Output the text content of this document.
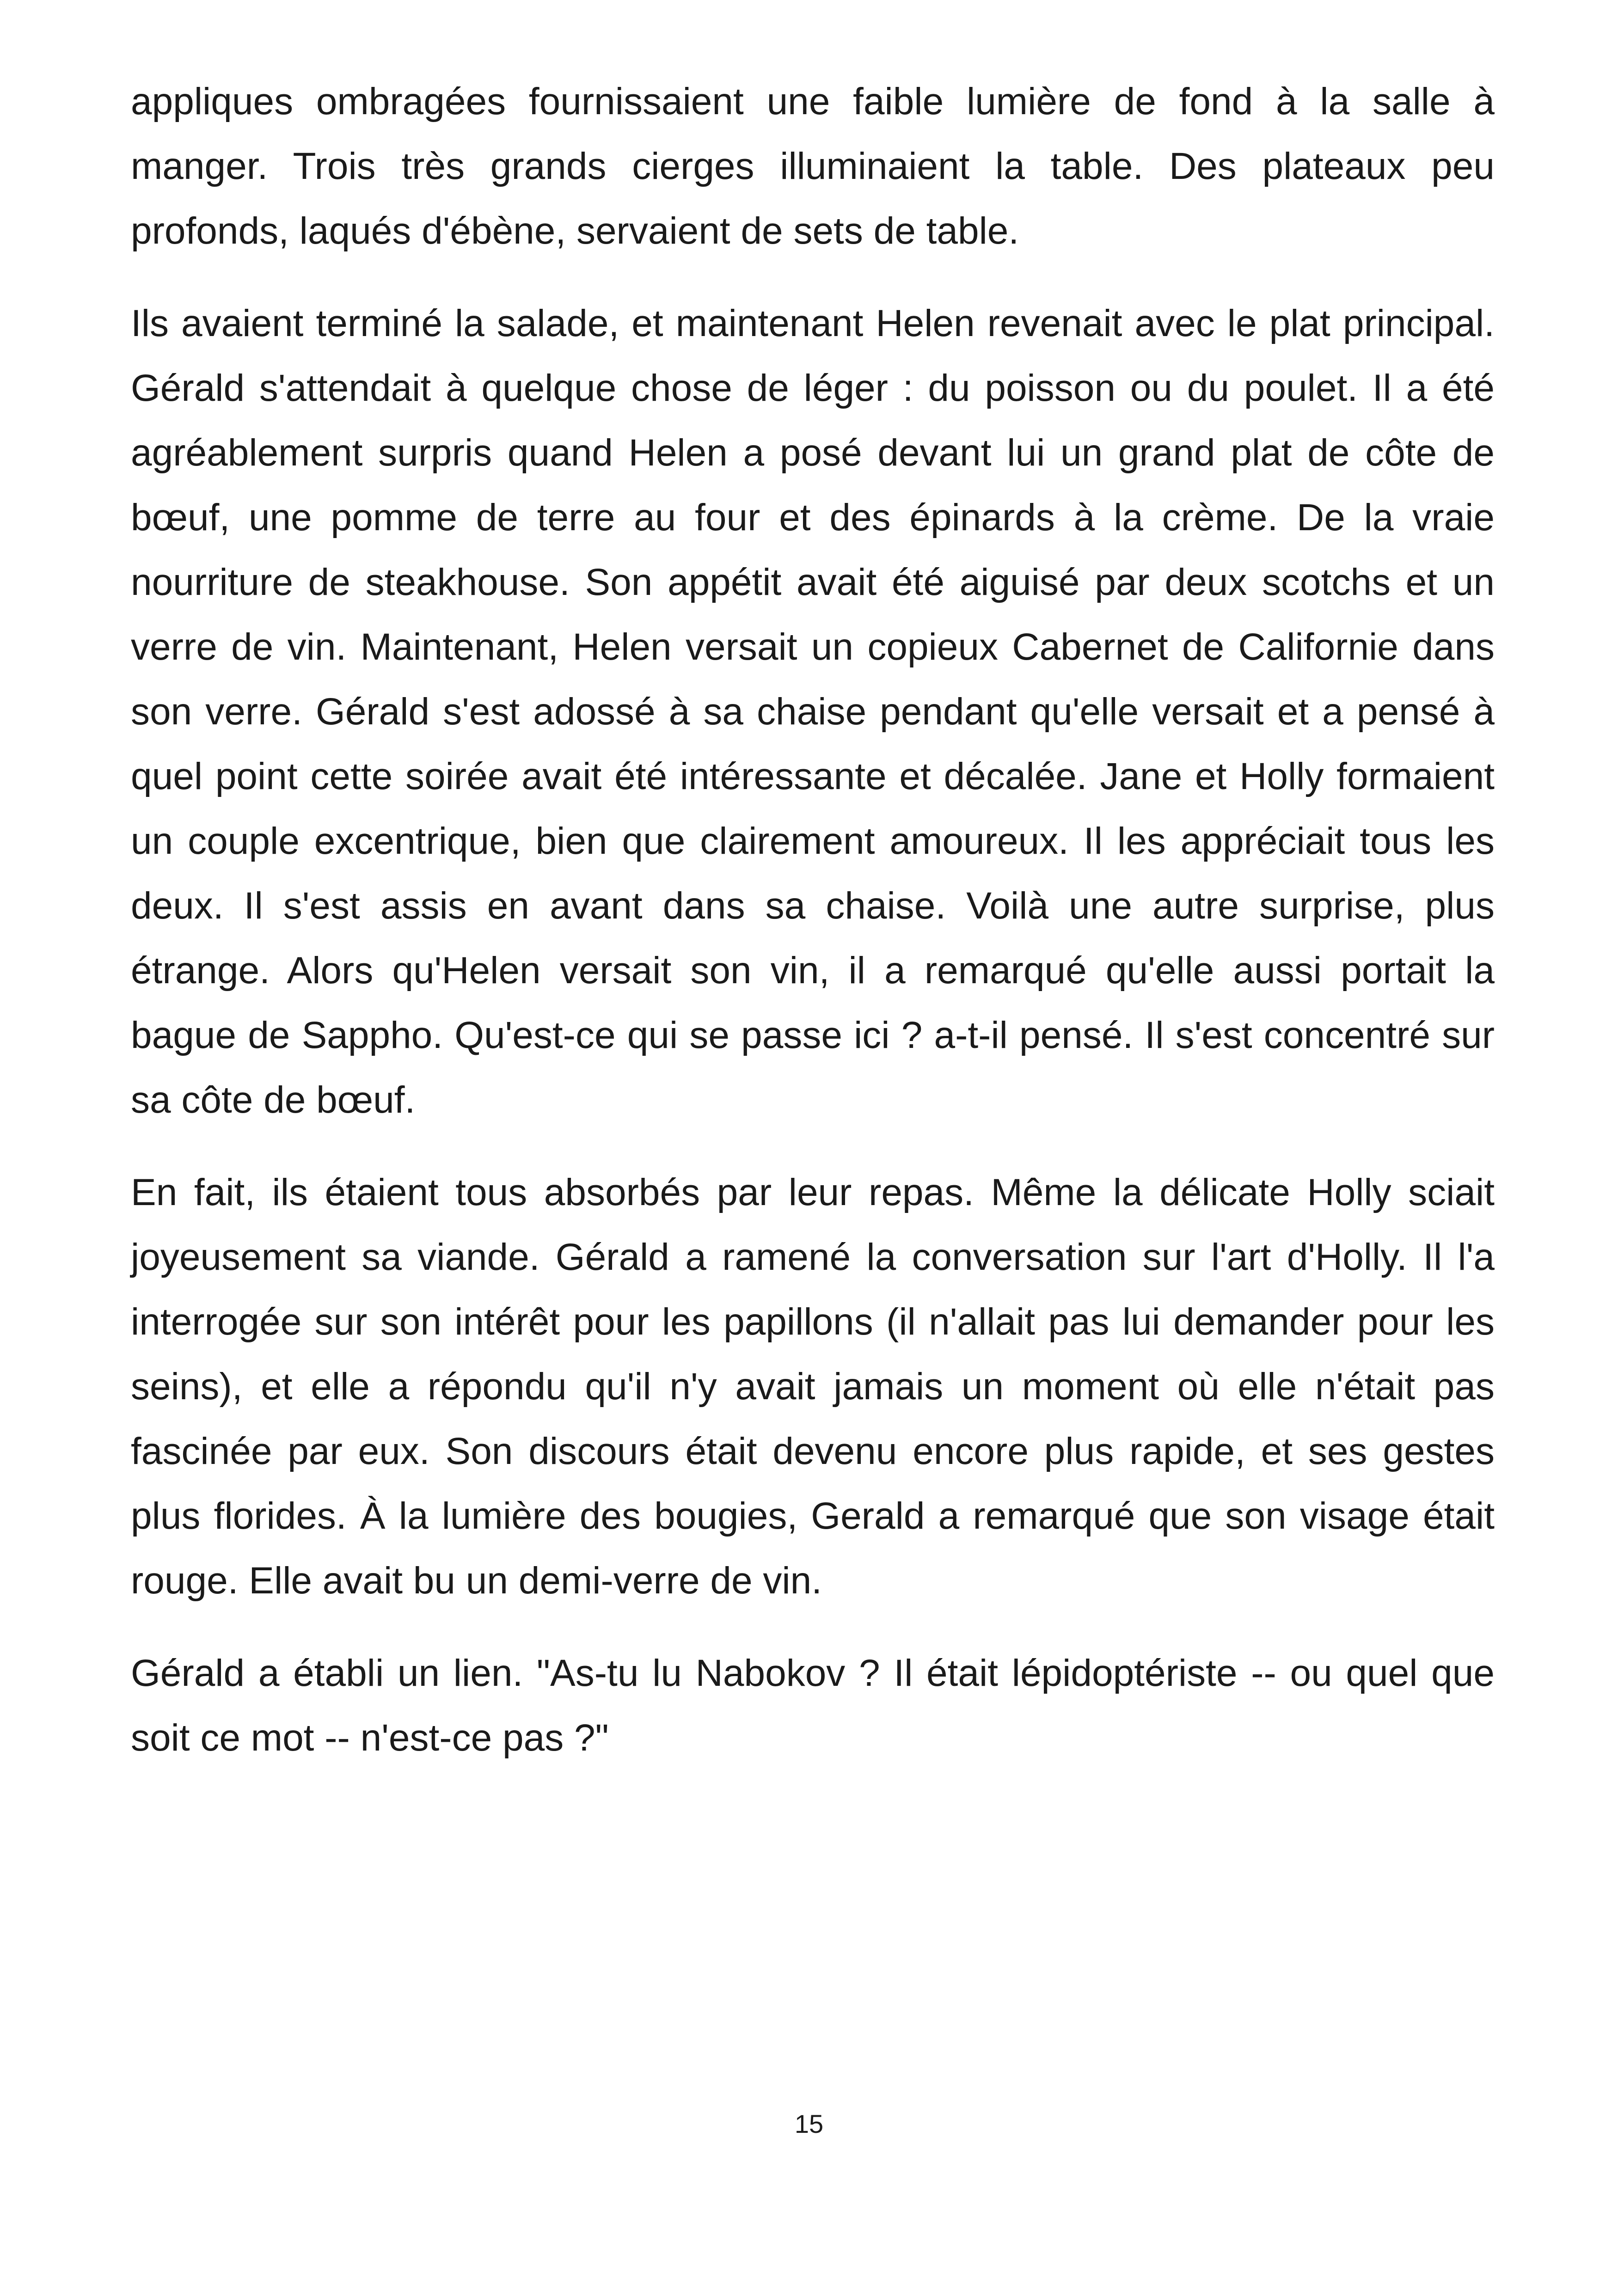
appliques ombragées fournissaient une faible lumière de fond à la salle à manger. Trois très grands cierges illuminaient la table. Des plateaux peu profonds, laqués d'ébène, servaient de sets de table.

Ils avaient terminé la salade, et maintenant Helen revenait avec le plat principal. Gérald s'attendait à quelque chose de léger : du poisson ou du poulet. Il a été agréablement surpris quand Helen a posé devant lui un grand plat de côte de bœuf, une pomme de terre au four et des épinards à la crème. De la vraie nourriture de steakhouse. Son appétit avait été aiguisé par deux scotchs et un verre de vin. Maintenant, Helen versait un copieux Cabernet de Californie dans son verre. Gérald s'est adossé à sa chaise pendant qu'elle versait et a pensé à quel point cette soirée avait été intéressante et décalée. Jane et Holly formaient un couple excentrique, bien que clairement amoureux. Il les appréciait tous les deux. Il s'est assis en avant dans sa chaise. Voilà une autre surprise, plus étrange. Alors qu'Helen versait son vin, il a remarqué qu'elle aussi portait la bague de Sappho. Qu'est-ce qui se passe ici ? a-t-il pensé. Il s'est concentré sur sa côte de bœuf.

En fait, ils étaient tous absorbés par leur repas. Même la délicate Holly sciait joyeusement sa viande. Gérald a ramené la conversation sur l'art d'Holly. Il l'a interrogée sur son intérêt pour les papillons (il n'allait pas lui demander pour les seins), et elle a répondu qu'il n'y avait jamais un moment où elle n'était pas fascinée par eux. Son discours était devenu encore plus rapide, et ses gestes plus florides. À la lumière des bougies, Gerald a remarqué que son visage était rouge. Elle avait bu un demi-verre de vin.

Gérald a établi un lien. "As-tu lu Nabokov ? Il était lépidoptériste -- ou quel que soit ce mot -- n'est-ce pas ?"

15
